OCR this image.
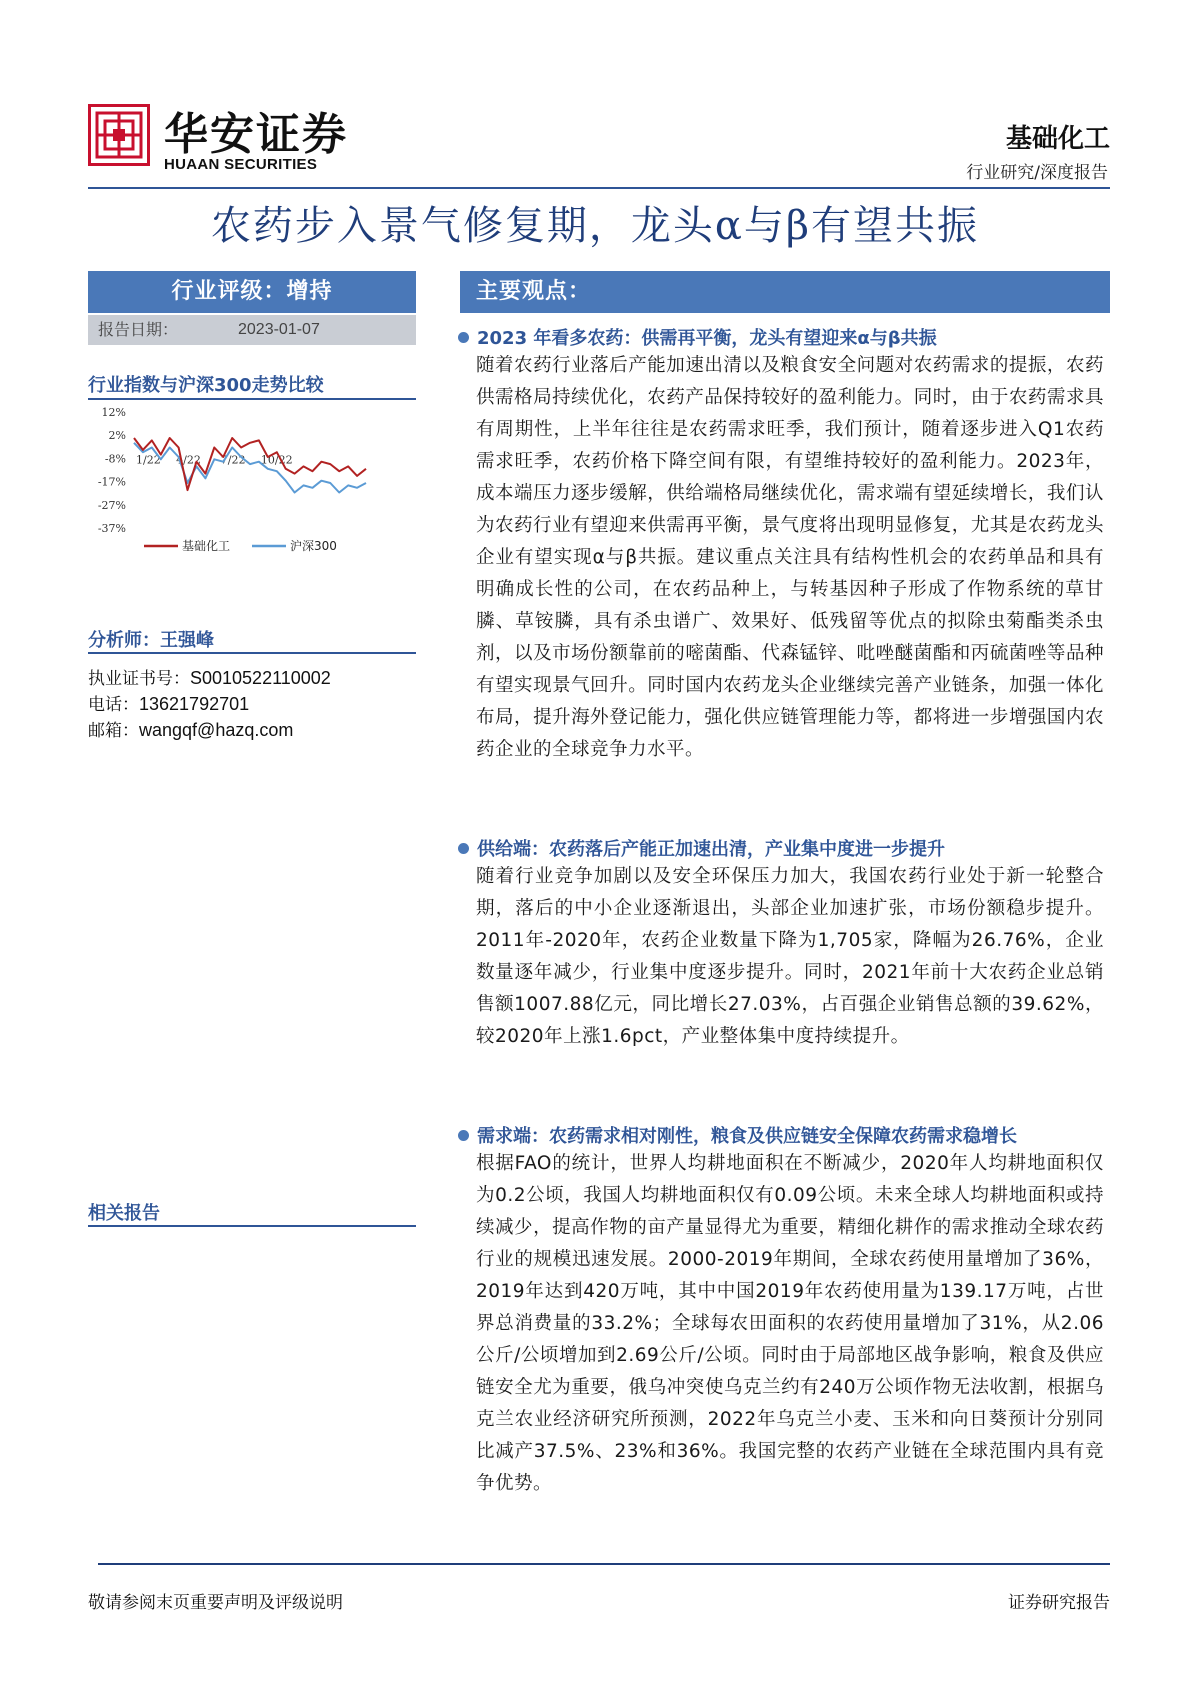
华安证券
HUAAN SECURITIES
基础化工
行业研究/深度报告
农药步入景气修复期，龙头α与β有望共振
行业评级：增持
报告日期：	2023-01-07
行业指数与沪深300走势比较
12%
2%
-8%
-17%
-27%
-37%
1/22 4/22 7/22 10/22
基础化工	沪深300
分析师：王强峰
执业证书号：S0010522110002
电话：13621792701
邮箱：wangqf@hazq.com
相关报告
主要观点：
2023 年看多农药：供需再平衡，龙头有望迎来α与β共振
随着农药行业落后产能加速出清以及粮食安全问题对农药需求的提振，农药供需格局持续优化，农药产品保持较好的盈利能力。同时，由于农药需求具有周期性，上半年往往是农药需求旺季，我们预计，随着逐步进入Q1农药需求旺季，农药价格下降空间有限，有望维持较好的盈利能力。2023年，成本端压力逐步缓解，供给端格局继续优化，需求端有望延续增长，我们认为农药行业有望迎来供需再平衡，景气度将出现明显修复，尤其是农药龙头企业有望实现α与β共振。建议重点关注具有结构性机会的农药单品和具有明确成长性的公司，在农药品种上，与转基因种子形成了作物系统的草甘膦、草铵膦，具有杀虫谱广、效果好、低残留等优点的拟除虫菊酯类杀虫剂，以及市场份额靠前的嘧菌酯、代森锰锌、吡唑醚菌酯和丙硫菌唑等品种有望实现景气回升。同时国内农药龙头企业继续完善产业链条，加强一体化布局，提升海外登记能力，强化供应链管理能力等，都将进一步增强国内农药企业的全球竞争力水平。
供给端：农药落后产能正加速出清，产业集中度进一步提升
随着行业竞争加剧以及安全环保压力加大，我国农药行业处于新一轮整合期，落后的中小企业逐渐退出，头部企业加速扩张，市场份额稳步提升。2011年-2020年，农药企业数量下降为1,705家，降幅为26.76%，企业数量逐年减少，行业集中度逐步提升。同时，2021年前十大农药企业总销售额1007.88亿元，同比增长27.03%，占百强企业销售总额的39.62%，较2020年上涨1.6pct，产业整体集中度持续提升。
需求端：农药需求相对刚性，粮食及供应链安全保障农药需求稳增长
根据FAO的统计，世界人均耕地面积在不断减少，2020年人均耕地面积仅为0.2公顷，我国人均耕地面积仅有0.09公顷。未来全球人均耕地面积或持续减少，提高作物的亩产量显得尤为重要，精细化耕作的需求推动全球农药行业的规模迅速发展。2000-2019年期间，全球农药使用量增加了36%，2019年达到420万吨，其中中国2019年农药使用量为139.17万吨，占世界总消费量的33.2%；全球每农田面积的农药使用量增加了31%，从2.06公斤/公顷增加到2.69公斤/公顷。同时由于局部地区战争影响，粮食及供应链安全尤为重要，俄乌冲突使乌克兰约有240万公顷作物无法收割，根据乌克兰农业经济研究所预测，2022年乌克兰小麦、玉米和向日葵预计分别同比减产37.5%、23%和36%。我国完整的农药产业链在全球范围内具有竞争优势。
敬请参阅末页重要声明及评级说明	证券研究报告
